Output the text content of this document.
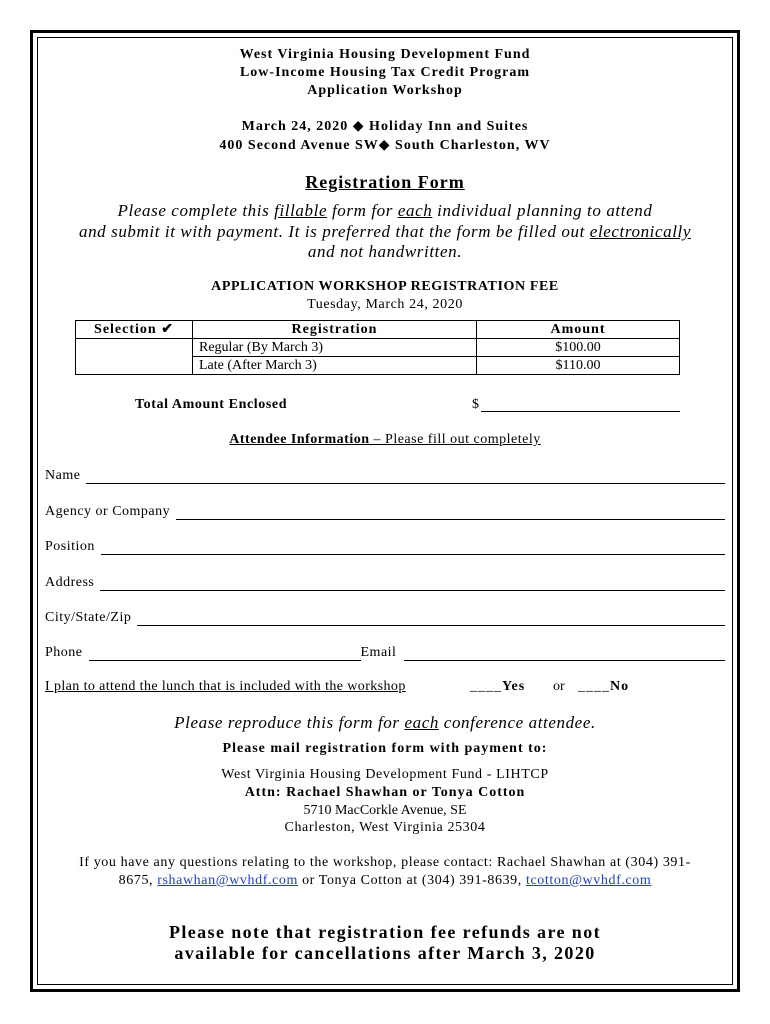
West Virginia Housing Development Fund
Low-Income Housing Tax Credit Program
Application Workshop
March 24, 2020 ◆ Holiday Inn and Suites
400 Second Avenue SW◆ South Charleston, WV
Registration Form
Please complete this fillable form for each individual planning to attend
and submit it with payment. It is preferred that the form be filled out electronically
and not handwritten.
APPLICATION WORKSHOP REGISTRATION FEE
Tuesday, March 24, 2020
Selection ✔	Registration	Amount
	Regular (By March 3)	$100.00
	Late (After March 3)	$110.00
Total Amount Enclosed	$
Attendee Information – Please fill out completely
Name
Agency or Company
Position
Address
City/State/Zip
Phone	Email
I plan to attend the lunch that is included with the workshop	____Yes or ____No
Please reproduce this form for each conference attendee.
Please mail registration form with payment to:
West Virginia Housing Development Fund - LIHTCP
Attn: Rachael Shawhan or Tonya Cotton
5710 MacCorkle Avenue, SE
Charleston, West Virginia 25304
If you have any questions relating to the workshop, please contact: Rachael Shawhan at (304) 391-
8675, rshawhan@wvhdf.com or Tonya Cotton at (304) 391-8639, tcotton@wvhdf.com
Please note that registration fee refunds are not
available for cancellations after March 3, 2020
